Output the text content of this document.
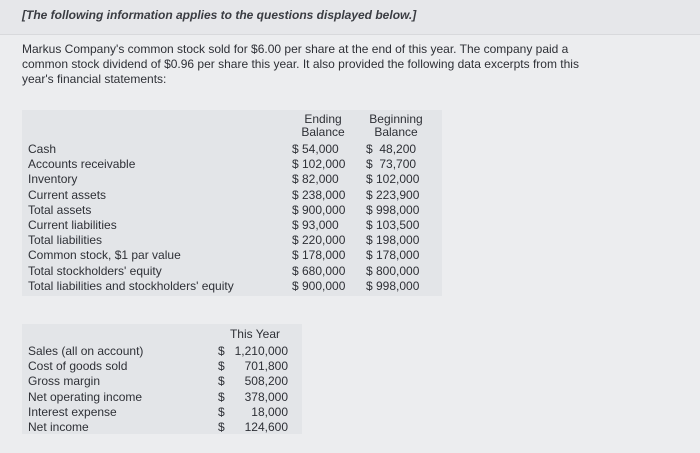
[The following information applies to the questions displayed below.]
Markus Company's common stock sold for $6.00 per share at the end of this year. The company paid a
common stock dividend of $0.96 per share this year. It also provided the following data excerpts from this
year's financial statements:
Ending
Balance
Beginning
Balance
Cash	$ 54,000 $  48,200
Accounts receivable	$ 102,000 $  73,700
Inventory	$ 82,000 $ 102,000
Current assets	$ 238,000 $ 223,900
Total assets	$ 900,000 $ 998,000
Current liabilities	$ 93,000 $ 103,500
Total liabilities	$ 220,000 $ 198,000
Common stock, $1 par value	$ 178,000 $ 178,000
Total stockholders' equity	$ 680,000 $ 800,000
Total liabilities and stockholders' equity	$ 900,000 $ 998,000
This Year
Sales (all on account)	$ 1,210,000
Cost of goods sold	$ 701,800
Gross margin	$ 508,200
Net operating income	$ 378,000
Interest expense	$ 18,000
Net income	$ 124,600
